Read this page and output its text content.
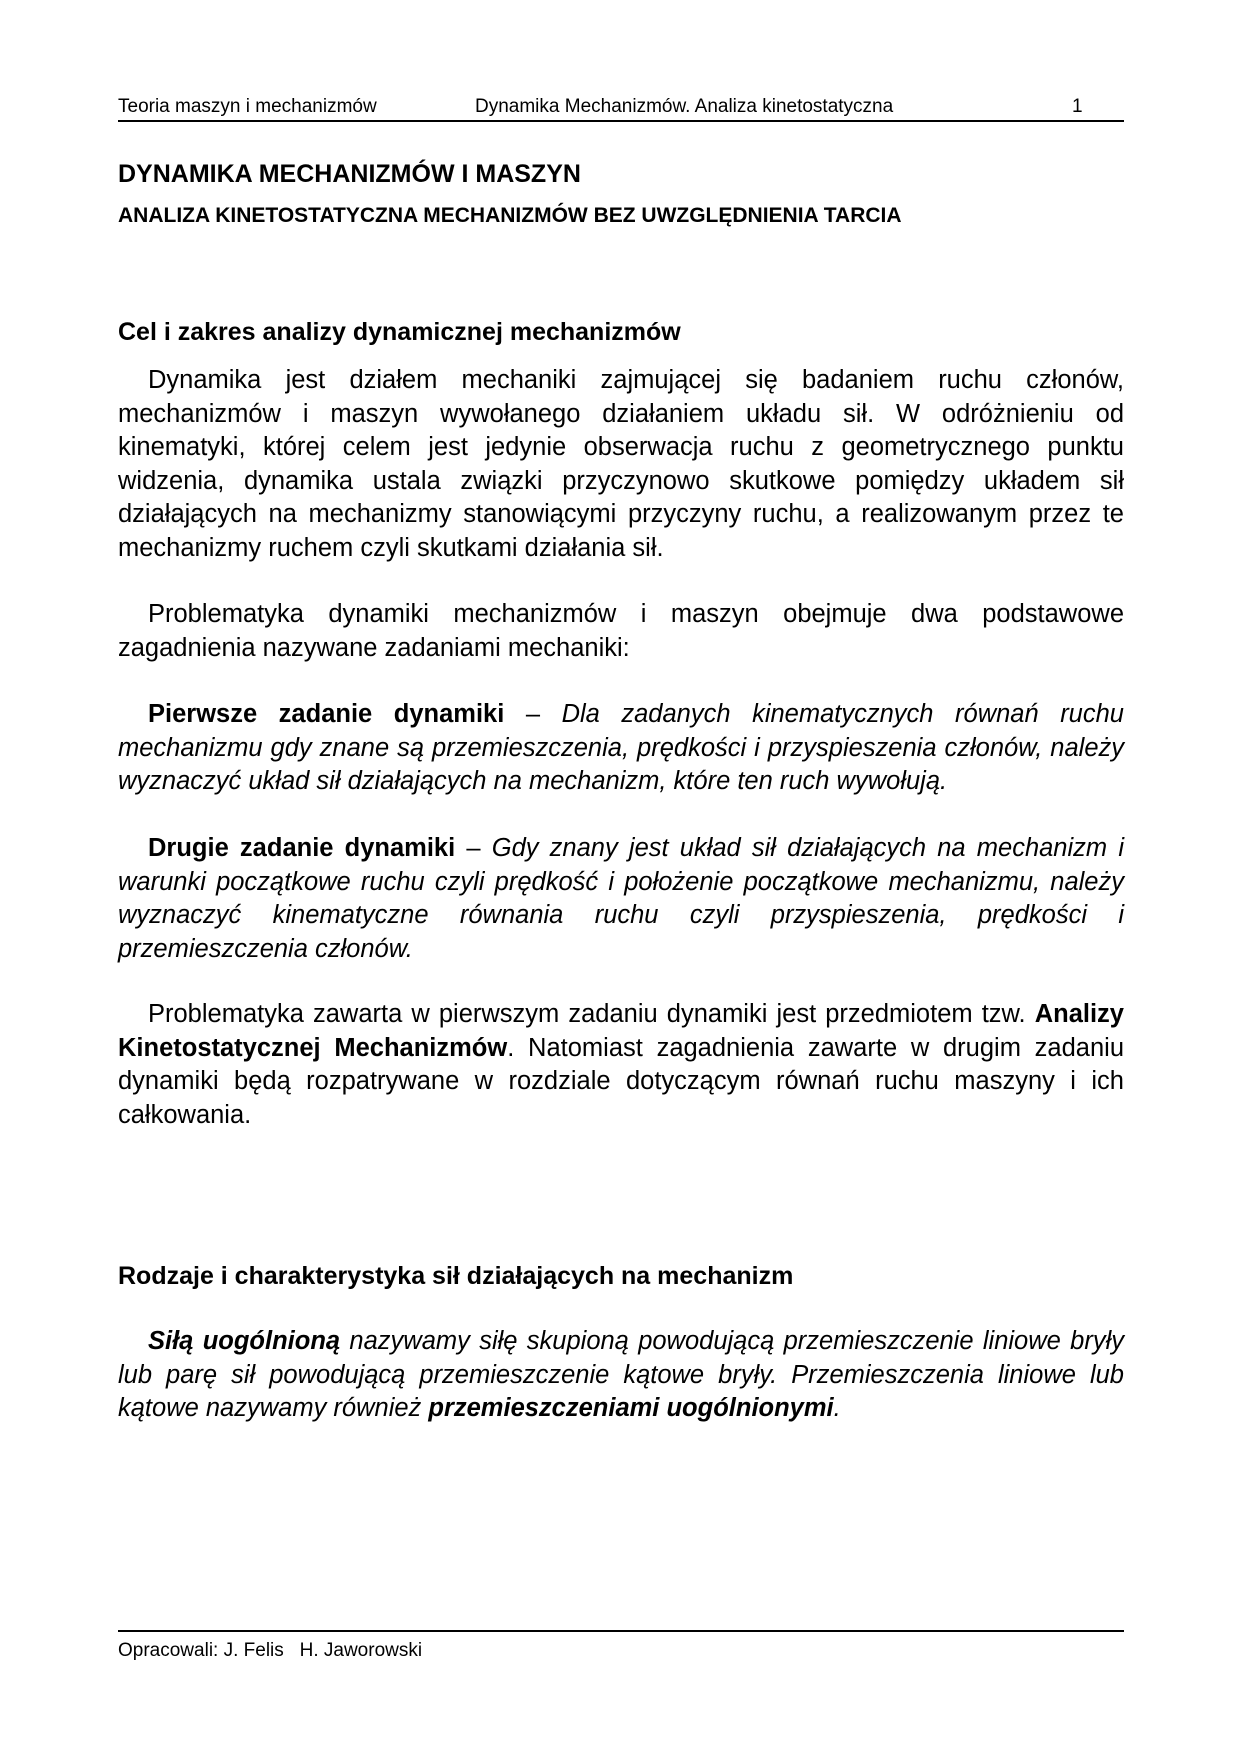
Teoria maszyn i mechanizmów	Dynamika Mechanizmów. Analiza kinetostatyczna	1
DYNAMIKA MECHANIZMÓW I MASZYN
ANALIZA KINETOSTATYCZNA MECHANIZMÓW BEZ UWZGLĘDNIENIA TARCIA
Cel i zakres analizy dynamicznej mechanizmów

Dynamika jest działem mechaniki zajmującej się badaniem ruchu członów, mechanizmów i maszyn wywołanego działaniem układu sił. W odróżnieniu od kinematyki, której celem jest jedynie obserwacja ruchu z geometrycznego punktu widzenia, dynamika ustala związki przyczynowo skutkowe pomiędzy układem sił działających na mechanizmy stanowiącymi przyczyny ruchu, a realizowanym przez te mechanizmy ruchem czyli skutkami działania sił.

Problematyka dynamiki mechanizmów i maszyn obejmuje dwa podstawowe zagadnienia nazywane zadaniami mechaniki:

Pierwsze zadanie dynamiki – Dla zadanych kinematycznych równań ruchu mechanizmu gdy znane są przemieszczenia, prędkości i przyspieszenia członów, należy wyznaczyć układ sił działających na mechanizm, które ten ruch wywołują.

Drugie zadanie dynamiki – Gdy znany jest układ sił działających na mechanizm i warunki początkowe ruchu czyli prędkość i położenie początkowe mechanizmu, należy wyznaczyć kinematyczne równania ruchu czyli przyspieszenia, prędkości i przemieszczenia członów.

Problematyka zawarta w pierwszym zadaniu dynamiki jest przedmiotem tzw. Analizy Kinetostatycznej Mechanizmów. Natomiast zagadnienia zawarte w drugim zadaniu dynamiki będą rozpatrywane w rozdziale dotyczącym równań ruchu maszyny i ich całkowania.

Rodzaje i charakterystyka sił działających na mechanizm

Siłą uogólnioną nazywamy siłę skupioną powodującą przemieszczenie liniowe bryły lub parę sił powodującą przemieszczenie kątowe bryły. Przemieszczenia liniowe lub kątowe nazywamy również przemieszczeniami uogólnionymi.

Opracowali: J. Felis   H. Jaworowski
